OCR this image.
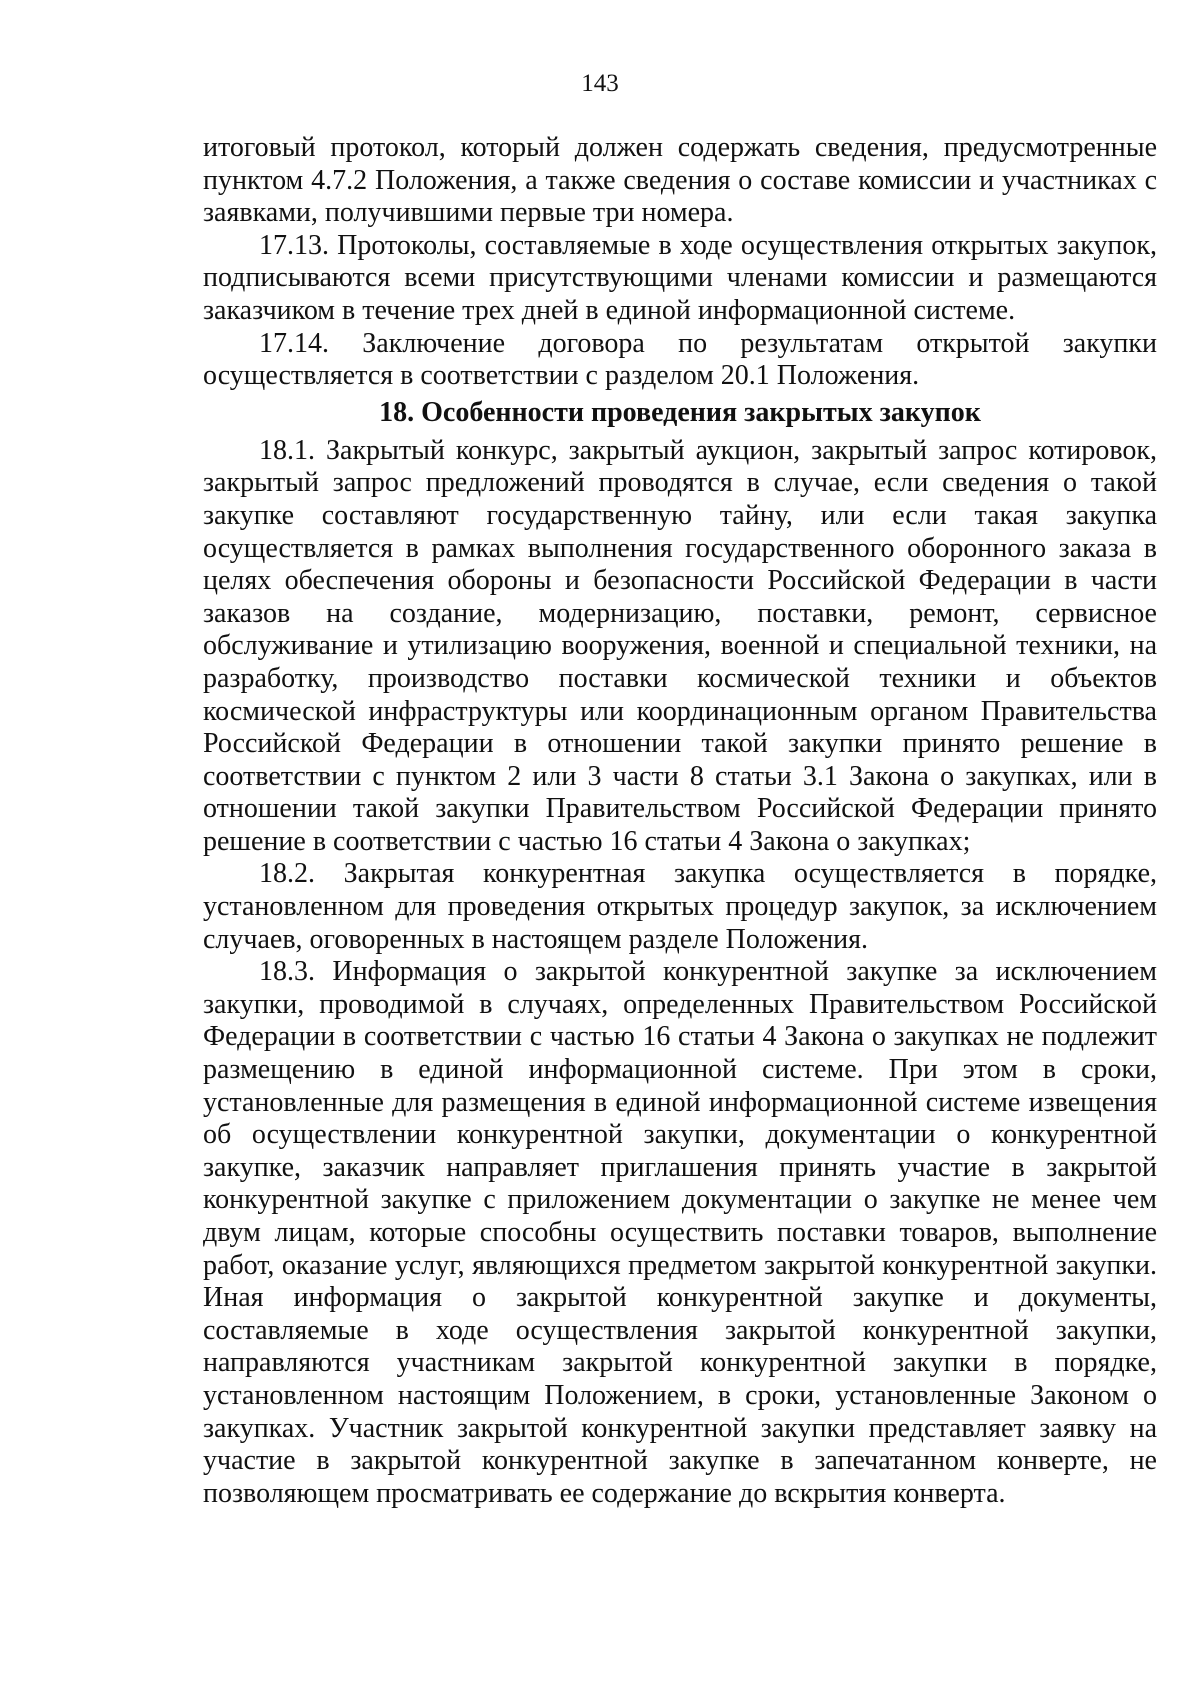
143

итоговый протокол, который должен содержать сведения, предусмотренные пунктом 4.7.2 Положения, а также сведения о составе комиссии и участниках с заявками, получившими первые три номера.

17.13. Протоколы, составляемые в ходе осуществления открытых закупок, подписываются всеми присутствующими членами комиссии и размещаются заказчиком в течение трех дней в единой информационной системе.

17.14. Заключение договора по результатам открытой закупки осуществляется в соответствии с разделом 20.1 Положения.

18. Особенности проведения закрытых закупок

18.1. Закрытый конкурс, закрытый аукцион, закрытый запрос котировок, закрытый запрос предложений проводятся в случае, если сведения о такой закупке составляют государственную тайну, или если такая закупка осуществляется в рамках выполнения государственного оборонного заказа в целях обеспечения обороны и безопасности Российской Федерации в части заказов на создание, модернизацию, поставки, ремонт, сервисное обслуживание и утилизацию вооружения, военной и специальной техники, на разработку, производство поставки космической техники и объектов космической инфраструктуры или координационным органом Правительства Российской Федерации в отношении такой закупки принято решение в соответствии с пунктом 2 или 3 части 8 статьи 3.1 Закона о закупках, или в отношении такой закупки Правительством Российской Федерации принято решение в соответствии с частью 16 статьи 4 Закона о закупках;

18.2. Закрытая конкурентная закупка осуществляется в порядке, установленном для проведения открытых процедур закупок, за исключением случаев, оговоренных в настоящем разделе Положения.

18.3. Информация о закрытой конкурентной закупке за исключением закупки, проводимой в случаях, определенных Правительством Российской Федерации в соответствии с частью 16 статьи 4 Закона о закупках не подлежит размещению в единой информационной системе. При этом в сроки, установленные для размещения в единой информационной системе извещения об осуществлении конкурентной закупки, документации о конкурентной закупке, заказчик направляет приглашения принять участие в закрытой конкурентной закупке с приложением документации о закупке не менее чем двум лицам, которые способны осуществить поставки товаров, выполнение работ, оказание услуг, являющихся предметом закрытой конкурентной закупки. Иная информация о закрытой конкурентной закупке и документы, составляемые в ходе осуществления закрытой конкурентной закупки, направляются участникам закрытой конкурентной закупки в порядке, установленном настоящим Положением, в сроки, установленные Законом о закупках. Участник закрытой конкурентной закупки представляет заявку на участие в закрытой конкурентной закупке в запечатанном конверте, не позволяющем просматривать ее содержание до вскрытия конверта.
